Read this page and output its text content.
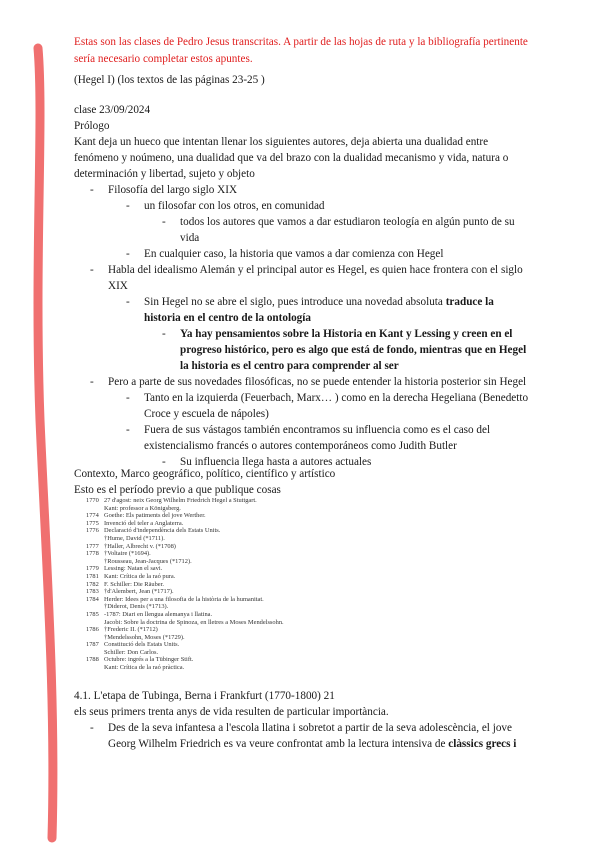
Estas son las clases de Pedro Jesus transcritas. A partir de las hojas de ruta y la bibliografía pertinente sería necesario completar estos apuntes.
(Hegel I) (los textos de las páginas 23-25 )
clase 23/09/2024
Prólogo
Kant deja un hueco que intentan llenar los siguientes autores, deja abierta una dualidad entre fenómeno y noúmeno, una dualidad que va del brazo con la dualidad mecanismo y vida, natura o determinación y libertad, sujeto y objeto
- Filosofía del largo siglo XIX
- un filosofar con los otros, en comunidad
- todos los autores que vamos a dar estudiaron teología en algún punto de su vida
- En cualquier caso, la historia que vamos a dar comienza con Hegel
- Habla del idealismo Alemán y el principal autor es Hegel, es quien hace frontera con el siglo XIX
- Sin Hegel no se abre el siglo, pues introduce una novedad absoluta traduce la historia en el centro de la ontología
- Ya hay pensamientos sobre la Historia en Kant y Lessing y creen en el progreso histórico, pero es algo que está de fondo, mientras que en Hegel la historia es el centro para comprender al ser
- Pero a parte de sus novedades filosóficas, no se puede entender la historia posterior sin Hegel
- Tanto en la izquierda (Feuerbach, Marx… ) como en la derecha Hegeliana (Benedetto Croce y escuela de nápoles)
- Fuera de sus vástagos también encontramos su influencia como es el caso del existencialismo francés o autores contemporáneos como Judith Butler
- Su influencia llega hasta a autores actuales
Contexto, Marco geográfico, político, científico y artístico
Esto es el período previo a que publique cosas
1770 27 d'agost: neix Georg Wilhelm Friedrich Hegel a Stuttgart.
Kant: professor a Königsberg.
1774 Goethe: Els patiments del jove Werther.
1775 Invenció del teler a Anglaterra.
1776 Declaració d'independència dels Estats Units.
†Hume, David (*1711).
1777 †Haller, Albrecht v. (*1708)
1778 †Voltaire (*1694).
†Rousseau, Jean-Jacques (*1712).
1779 Lessing: Natan el savi.
1781 Kant: Crítica de la raó pura.
1782 F. Schiller: Die Räuber.
1783 †d'Alembert, Jean (*1717).
1784 Herder: Idees per a una filosofia de la història de la humanitat.
†Diderot, Denis (*1713).
1785 -1787: Diari en llengua alemanya i llatina.
Jacobi: Sobre la doctrina de Spinoza, en lletres a Moses Mendelssohn.
1786 †Frederic II. (*1712)
†Mendelssohn, Moses (*1729).
1787 Constitució dels Estats Units.
Schiller: Don Carlos.
1788 Octubre: ingrés a la Tübinger Stift.
Kant: Crítica de la raó pràctica.
4.1. L'etapa de Tubinga, Berna i Frankfurt (1770-1800) 21
els seus primers trenta anys de vida resulten de particular importància.
- Des de la seva infantesa a l'escola llatina i sobretot a partir de la seva adolescència, el jove Georg Wilhelm Friedrich es va veure confrontat amb la lectura intensiva de clàssics grecs i
